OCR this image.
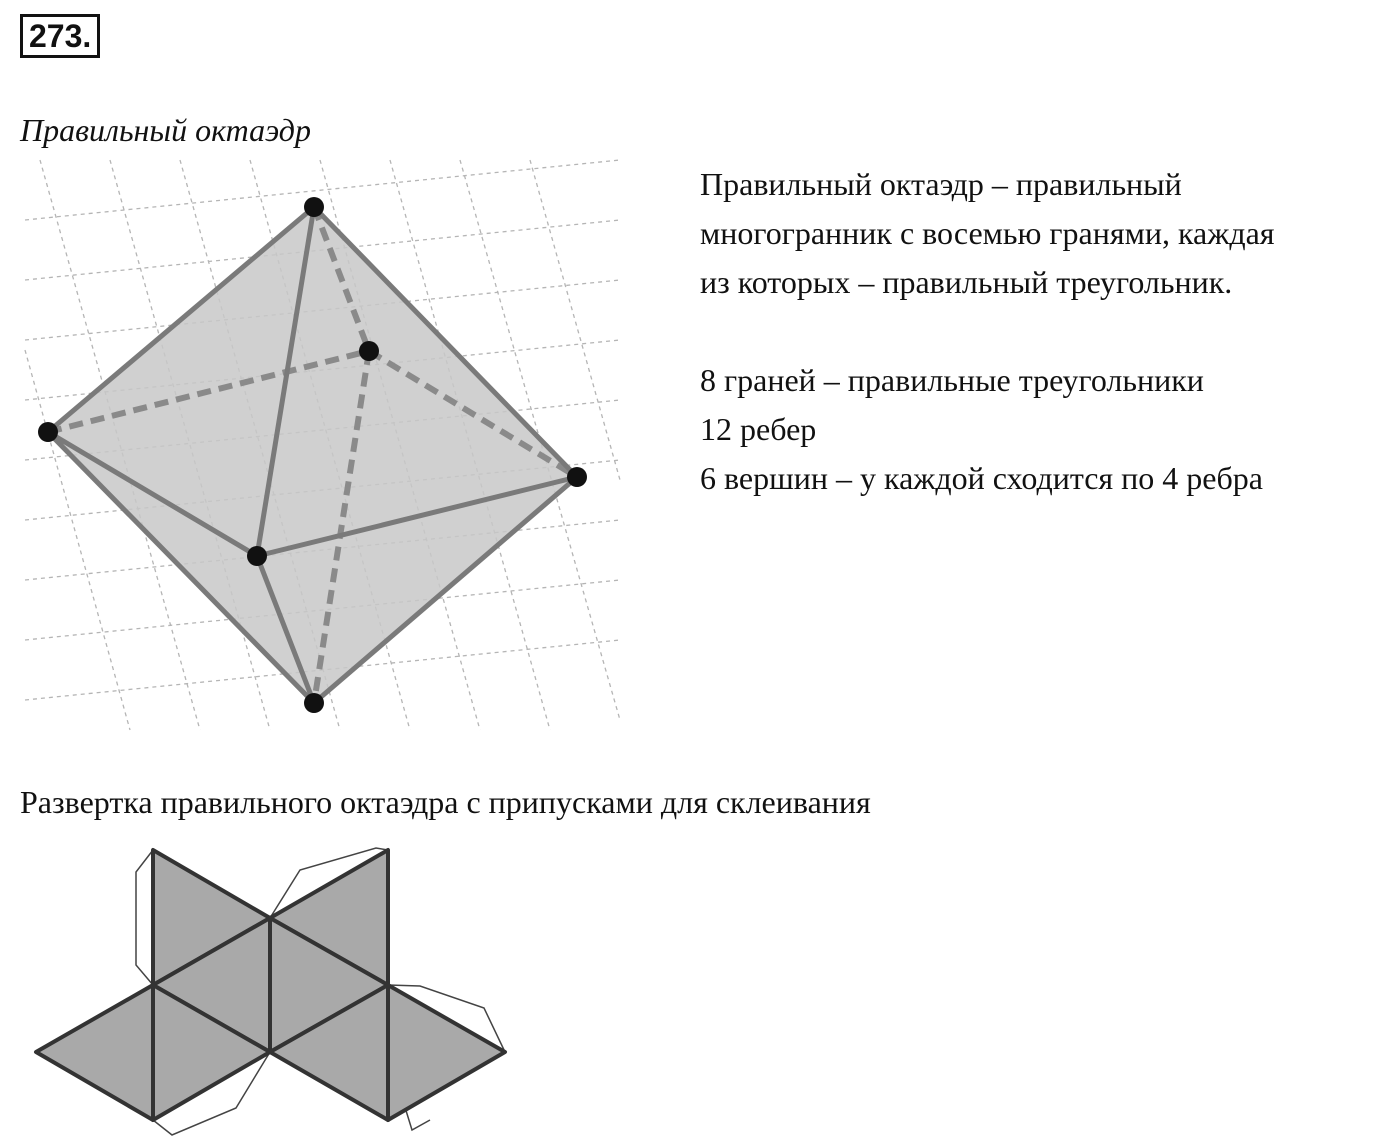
273.
Правильный октаэдр

Правильный октаэдр – правильный

многогранник с восемью гранями, каждая

из которых – правильный треугольник.

8 граней – правильные треугольники

12 ребер

6 вершин – у каждой сходится по 4 ребра

Развертка правильного октаэдра с припусками для склеивания
